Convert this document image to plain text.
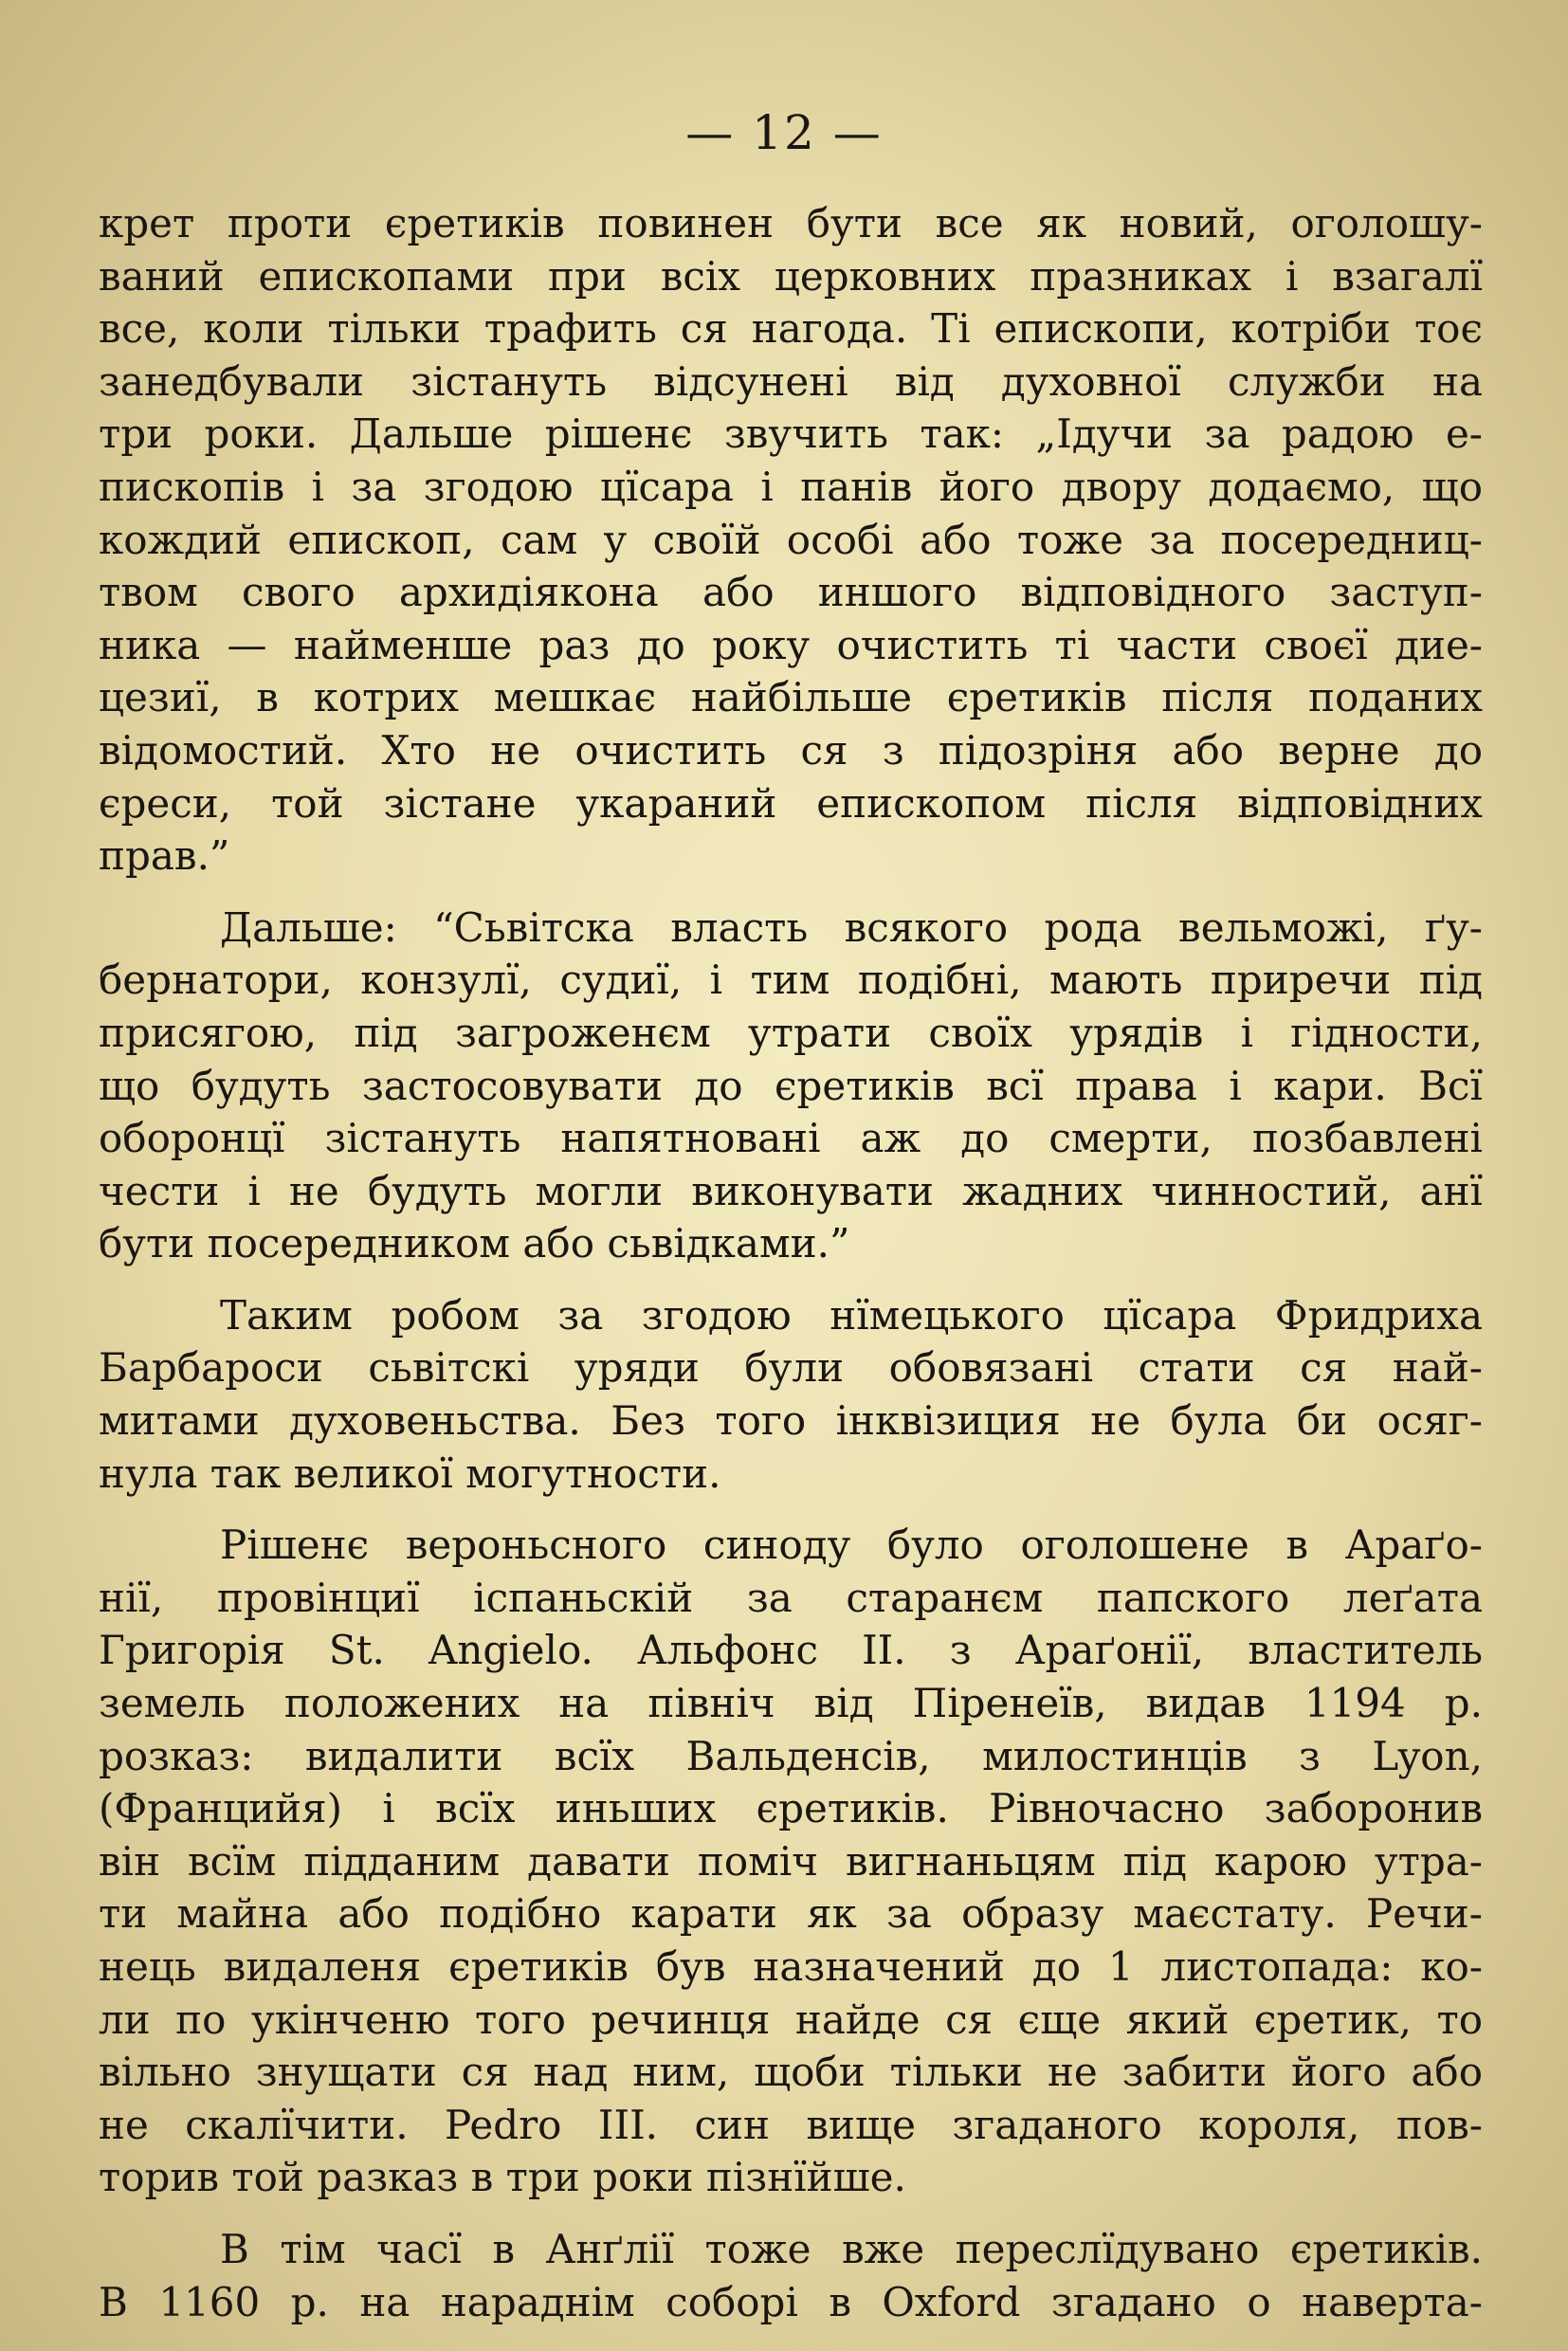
— 12 —
крет проти єретиків повинен бути все як новий, оголошу-
ваний епископами при всіх церковних празниках і взагалї
все, коли тільки трафить ся нагода. Ті епископи, котріби тоє
занедбували зістануть відсунені від духовної служби на
три роки. Дальше рішенє звучить так: „Ідучи за радою е-
пископів і за згодою цїсара і панів його двору додаємо, що
кождий епископ, сам у своїй особі або тоже за посередниц-
твом свого архидіякона або иншого відповідного заступ-
ника — найменше раз до року очистить ті части своєї дие-
цезиї, в котрих мешкає найбільше єретиків після поданих
відомостий. Хто не очистить ся з підозріня або верне до
єреси, той зістане укараний епископом після відповідних
прав.”
Дальше: “Сьвітска власть всякого рода вельможі, ґу-
бернатори, конзулї, судиї, і тим подібні, мають приречи під
присягою, під загроженєм утрати своїх урядів і гідности,
що будуть застосовувати до єретиків всї права і кари. Всї
оборонцї зістануть напятновані аж до смерти, позбавлені
чести і не будуть могли виконувати жадних чинностий, анї
бути посередником або сьвідками.”
Таким робом за згодою нїмецького цїсара Фридриха
Барбароси сьвітскі уряди були обовязані стати ся най-
митами духовеньства. Без того інквізиция не була би осяг-
нула так великої могутности.
Рішенє вероньсного синоду було оголошене в Араґо-
нії, провінциї іспаньскій за старанєм папского леґата
Григорія St. Angielo. Альфонс II. з Араґонії, властитель
земель положених на північ від Піренеїв, видав 1194 р.
розказ: видалити всїх Вальденсів, милостинців з Lyon,
(Францийя) і всїх иньших єретиків. Рівночасно заборонив
він всїм підданим давати поміч вигнаньцям під карою утра-
ти майна або подібно карати як за образу маєстату. Речи-
нець видаленя єретиків був назначений до 1 листопада: ко-
ли по укінченю того речинця найде ся єще який єретик, то
вільно знущати ся над ним, щоби тільки не забити його або
не скалїчити. Pedro III. син вище згаданого короля, пов-
торив той разказ в три роки пізнїйше.
В тім часї в Анґлії тоже вже переслїдувано єретиків.
В 1160 р. на нараднім соборі в Oxford згадано о наверта-
